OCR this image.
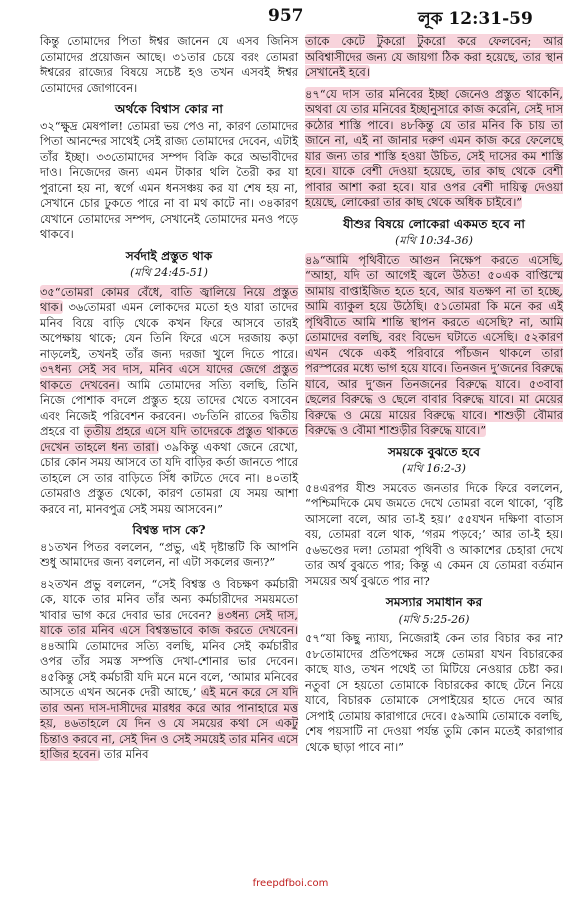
957	লূক 12:31-59

কিন্তু তোমাদের পিতা ঈশ্বর জানেন যে এসব জিনিস তোমাদের প্রয়োজন আছে। ৩১তার চেয়ে বরং তোমরা ঈশ্বরের রাজ্যের বিষয়ে সচেষ্ট হও তখন এসবই ঈশ্বর তোমাদের জোগাবেন।

অর্থকে বিশ্বাস কোর না

৩২“ক্ষুদ্র মেষপাল! তোমরা ভয় পেও না, কারণ তোমাদের পিতা আনন্দের সাথেই সেই রাজ্য তোমাদের দেবেন, এটাই তাঁর ইচ্ছা। ৩৩তোমাদের সম্পদ বিক্রি করে অভাবীদের দাও। নিজেদের জন্য এমন টাকার থলি তৈরী কর যা পুরানো হয় না, স্বর্গে এমন ধনসঞ্চয় কর যা শেষ হয় না, সেখানে চোর ঢুকতে পারে না বা মথ কাটে না। ৩৪কারণ যেখানে তোমাদের সম্পদ, সেখানেই তোমাদের মনও পড়ে থাকবে।

সর্বদাই প্রস্তুত থাক
(মথি 24:45-51)

৩৫“তোমরা কোমর বেঁধে, বাতি জ্বালিয়ে নিয়ে প্রস্তুত থাক। ৩৬তোমরা এমন লোকদের মতো হও যারা তাদের মনিব বিয়ে বাড়ি থেকে কখন ফিরে আসবে তারই অপেক্ষায় থাকে; যেন তিনি ফিরে এসে দরজায় কড়া নাড়লেই, তখনই তাঁর জন্য দরজা খুলে দিতে পারে। ৩৭ধন্য সেই সব দাস, মনিব এসে যাদের জেগে প্রস্তুত থাকতে দেখবেন। আমি তোমাদের সত্যি বলছি, তিনি নিজে পোশাক বদলে প্রস্তুত হয়ে তাদের খেতে বসাবেন এবং নিজেই পরিবেশন করবেন। ৩৮তিনি রাতের দ্বিতীয় প্রহরে বা তৃতীয় প্রহরে এসে যদি তাদেরকে প্রস্তুত থাকতে দেখেন তাহলে ধন্য তারা। ৩৯কিন্তু একথা জেনে রেখো, চোর কোন সময় আসবে তা যদি বাড়ির কর্তা জানতে পারে তাহলে সে তার বাড়িতে সিঁধ কাটতে দেবে না। ৪০তাই তোমরাও প্রস্তুত থেকো, কারণ তোমরা যে সময় আশা করবে না, মানবপুত্র সেই সময় আসবেন।”

বিশ্বস্ত দাস কে?

৪১তখন পিতর বললেন, “প্রভু, এই দৃষ্টান্তটি কি আপনি শুধু আমাদের জন্য বললেন, না এটা সকলের জন্য?”

৪২তখন প্রভু বললেন, “সেই বিশ্বস্ত ও বিচক্ষণ কর্মচারী কে, যাকে তার মনিব তাঁর অন্য কর্মচারীদের সময়মতো খাবার ভাগ করে দেবার ভার দেবেন? ৪৩ধন্য সেই দাস, যাকে তার মনিব এসে বিশ্বস্তভাবে কাজ করতে দেখবেন। ৪৪আমি তোমাদের সত্যি বলছি, মনিব সেই কর্মচারীর ওপর তাঁর সমস্ত সম্পত্তি দেখা-শোনার ভার দেবেন। ৪৫কিন্তু সেই কর্মচারী যদি মনে মনে বলে, ‘আমার মনিবের আসতে এখন অনেক দেরী আছে,’ এই মনে করে সে যদি তার অন্য দাস-দাসীদের মারধর করে আর পানাহারে মত্ত হয়, ৪৬তাহলে যে দিন ও যে সময়ের কথা সে একটু চিন্তাও করবে না, সেই দিন ও সেই সময়েই তার মনিব এসে হাজির হবেন। তার মনিব

তাকে কেটে টুকরো টুকরো করে ফেলবেন; আর অবিশ্বাসীদের জন্য যে জায়গা ঠিক করা হয়েছে, তার স্থান সেখানেই হবে।

৪৭“যে দাস তার মনিবের ইচ্ছা জেনেও প্রস্তুত থাকেনি, অথবা যে তার মনিবের ইচ্ছানুসারে কাজ করেনি, সেই দাস কঠোর শাস্তি পাবে। ৪৮কিন্তু যে তার মনিব কি চায় তা জানে না, এই না জানার দরুণ এমন কাজ করে ফেলেছে যার জন্য তার শাস্তি হওয়া উচিত, সেই দাসের কম শাস্তি হবে। যাকে বেশী দেওয়া হয়েছে, তার কাছ থেকে বেশী পাবার আশা করা হবে। যার ওপর বেশী দায়িত্ব দেওয়া হয়েছে, লোকেরা তার কাছ থেকে অধিক চাইবে।”

যীশুর বিষয়ে লোকেরা একমত হবে না
(মথি 10:34-36)

৪৯“আমি পৃথিবীতে আগুন নিক্ষেপ করতে এসেছি, “আহা, যদি তা আগেই জ্বলে উঠত! ৫০এক বাপ্তিস্মে আমায় বাপ্তাইজিত হতে হবে, আর যতক্ষণ না তা হচ্ছে, আমি ব্যাকুল হয়ে উঠেছি। ৫১তোমরা কি মনে কর এই পৃথিবীতে আমি শান্তি স্থাপন করতে এসেছি? না, আমি তোমাদের বলছি, বরং বিভেদ ঘটাতে এসেছি। ৫২কারণ এখন থেকে একই পরিবারে পাঁচজন থাকলে তারা পরস্পরের মধ্যে ভাগ হয়ে যাবে। তিনজন দু’জনের বিরুদ্ধে যাবে, আর দু’জন তিনজনের বিরুদ্ধে যাবে। ৫৩বাবা ছেলের বিরুদ্ধে ও ছেলে বাবার বিরুদ্ধে যাবে। মা মেয়ের বিরুদ্ধে ও মেয়ে মায়ের বিরুদ্ধে যাবে। শাশুড়ী বৌমার বিরুদ্ধে ও বৌমা শাশুড়ীর বিরুদ্ধে যাবে।”

সময়কে বুঝতে হবে
(মথি 16:2-3)

৫৪এরপর যীশু সমবেত জনতার দিকে ফিরে বললেন, “পশ্চিমদিকে মেঘ জমতে দেখে তোমরা বলে থাকো, ‘বৃষ্টি আসলো বলে, আর তা-ই হয়।’ ৫৫যখন দক্ষিণা বাতাস বয়, তোমরা বলে থাক, ‘গরম পড়বে;’ আর তা-ই হয়। ৫৬ভণ্ডের দল! তোমরা পৃথিবী ও আকাশের চেহারা দেখে তার অর্থ বুঝতে পার; কিন্তু এ কেমন যে তোমরা বর্তমান সময়ের অর্থ বুঝতে পার না?

সমস্যার সমাধান কর
(মথি 5:25-26)

৫৭“যা কিছু ন্যায্য, নিজেরাই কেন তার বিচার কর না? ৫৮তোমাদের প্রতিপক্ষের সঙ্গে তোমরা যখন বিচারকের কাছে যাও, তখন পথেই তা মিটিয়ে নেওয়ার চেষ্টা কর। নতুবা সে হয়তো তোমাকে বিচারকের কাছে টেনে নিয়ে যাবে, বিচারক তোমাকে সেপাইয়ের হাতে দেবে আর সেপাই তোমায় কারাগারে দেবে। ৫৯আমি তোমাকে বলছি, শেষ পয়সাটি না দেওয়া পর্যন্ত তুমি কোন মতেই কারাগার থেকে ছাড়া পাবে না।”

freepdfboi.com
